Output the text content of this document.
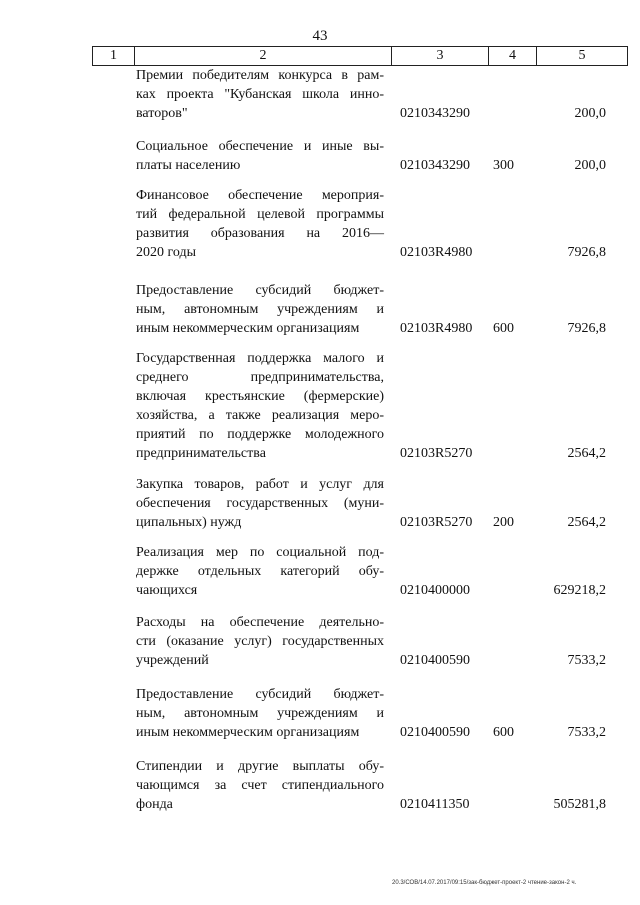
43
1	2	3	4	5
Премии победителям конкурса в рам-
ках проекта "Кубанская школа инно-
ваторов"	0210343290	200,0
Социальное обеспечение и иные вы-
платы населению	0210343290 300	200,0
Финансовое обеспечение мероприя-
тий федеральной целевой программы
развития образования на 2016—
2020 годы	02103R4980	7926,8
Предоставление субсидий бюджет-
ным, автономным учреждениям и
иным некоммерческим организациям	02103R4980 600	7926,8
Государственная поддержка малого и
среднего предпринимательства,
включая крестьянские (фермерские)
хозяйства, а также реализация меро-
приятий по поддержке молодежного
предпринимательства	02103R5270	2564,2
Закупка товаров, работ и услуг для
обеспечения государственных (муни-
ципальных) нужд	02103R5270 200	2564,2
Реализация мер по социальной под-
держке отдельных категорий обу-
чающихся	0210400000	629218,2
Расходы на обеспечение деятельно-
сти (оказание услуг) государственных
учреждений	0210400590	7533,2
Предоставление субсидий бюджет-
ным, автономным учреждениям и
иным некоммерческим организациям	0210400590 600	7533,2
Стипендии и другие выплаты обу-
чающимся за счет стипендиального
фонда	0210411350	505281,8
20.3/СОВ/14.07.2017/09:15/зак-бюджет-проект-2 чтение-закон-2 ч.
